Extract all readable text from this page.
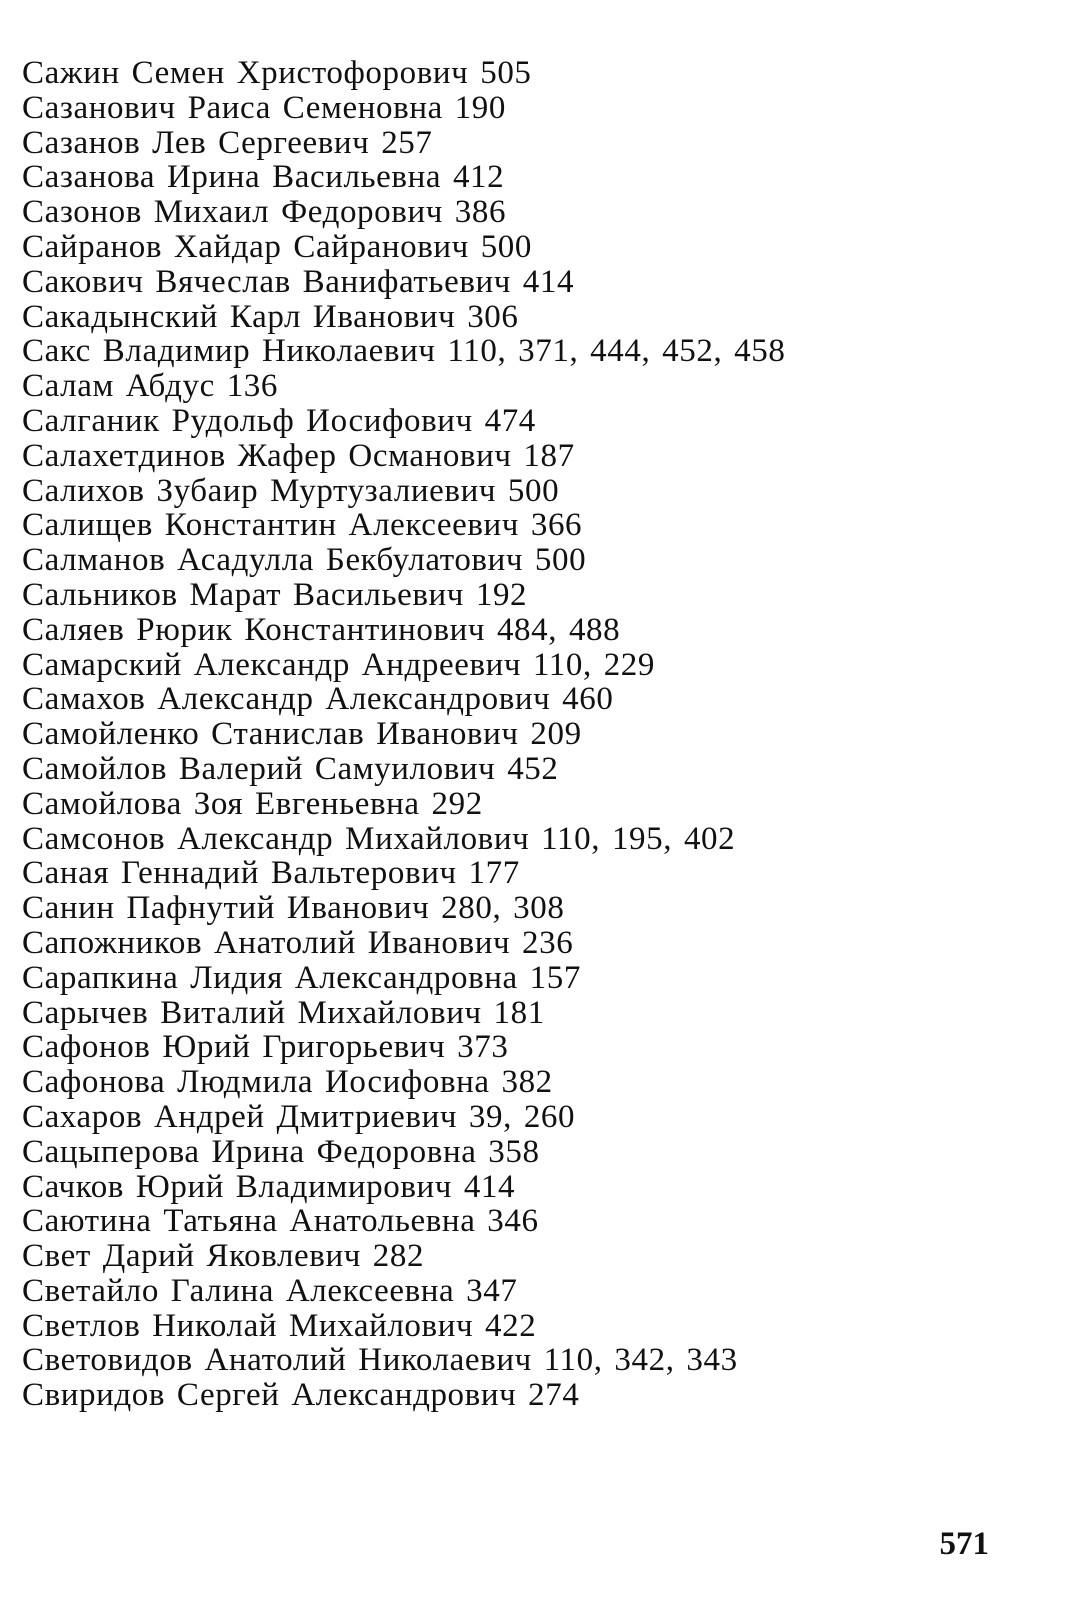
Сажин Семен Христофорович 505
Сазанович Раиса Семеновна 190
Сазанов Лев Сергеевич 257
Сазанова Ирина Васильевна 412
Сазонов Михаил Федорович 386
Сайранов Хайдар Сайранович 500
Сакович Вячеслав Ванифатьевич 414
Сакадынский Карл Иванович 306
Сакс Владимир Николаевич 110, 371, 444, 452, 458
Салам Абдус 136
Салганик Рудольф Иосифович 474
Салахетдинов Жафер Османович 187
Салихов Зубаир Муртузалиевич 500
Салищев Константин Алексеевич 366
Салманов Асадулла Бекбулатович 500
Сальников Марат Васильевич 192
Саляев Рюрик Константинович 484, 488
Самарский Александр Андреевич 110, 229
Самахов Александр Александрович 460
Самойленко Станислав Иванович 209
Самойлов Валерий Самуилович 452
Самойлова Зоя Евгеньевна 292
Самсонов Александр Михайлович 110, 195, 402
Саная Геннадий Вальтерович 177
Санин Пафнутий Иванович 280, 308
Сапожников Анатолий Иванович 236
Сарапкина Лидия Александровна 157
Сарычев Виталий Михайлович 181
Сафонов Юрий Григорьевич 373
Сафонова Людмила Иосифовна 382
Сахаров Андрей Дмитриевич 39, 260
Сацыперова Ирина Федоровна 358
Сачков Юрий Владимирович 414
Саютина Татьяна Анатольевна 346
Свет Дарий Яковлевич 282
Светайло Галина Алексеевна 347
Светлов Николай Михайлович 422
Световидов Анатолий Николаевич 110, 342, 343
Свиридов Сергей Александрович 274
571
